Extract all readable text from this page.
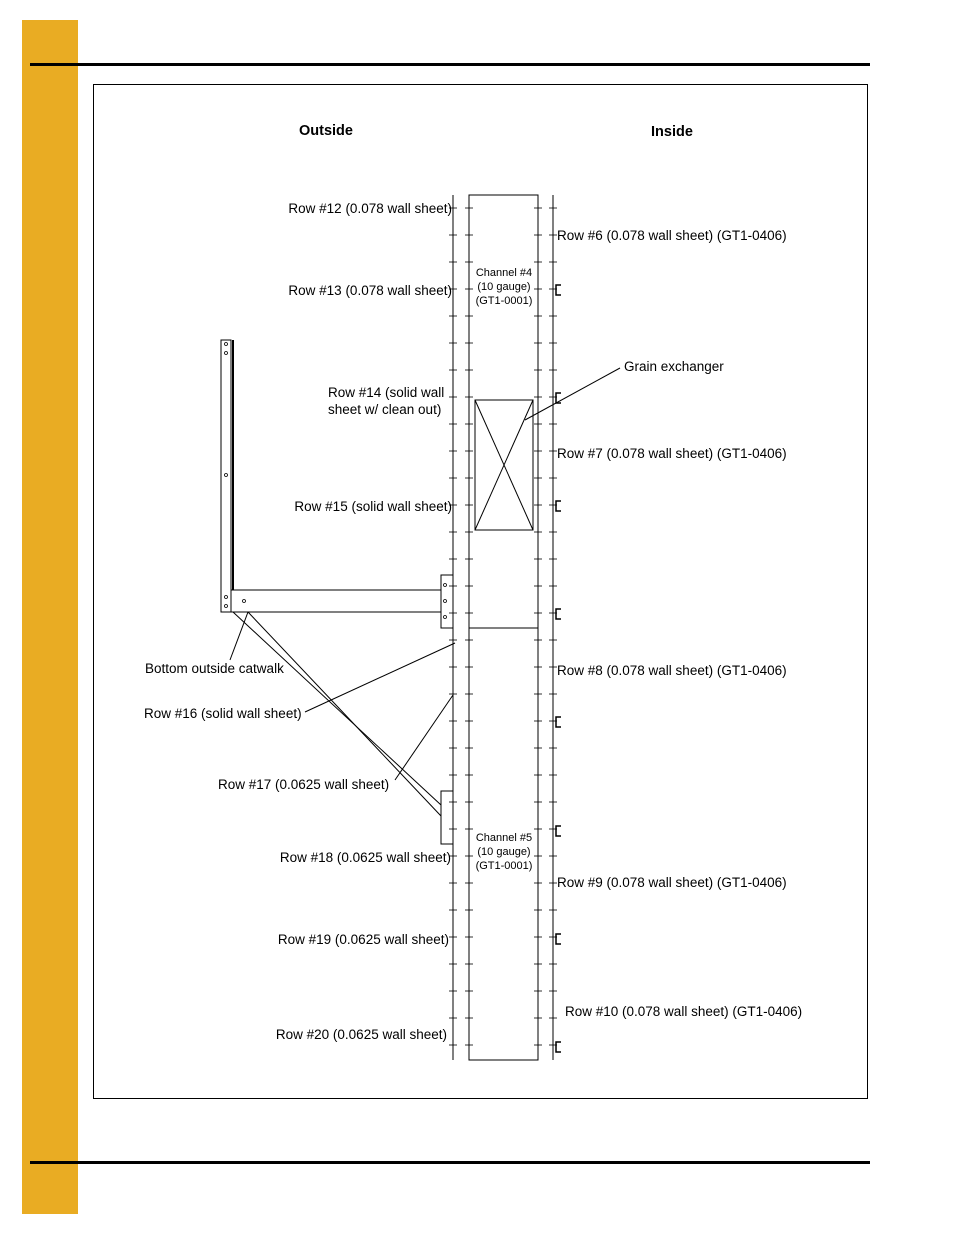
Outside	Inside
Row #12 (0.078 wall sheet)
Row #13 (0.078 wall sheet)
Row #14 (solid wall
sheet w/ clean out)
Row #15 (solid wall sheet)
Bottom outside catwalk
Row #16 (solid wall sheet)
Row #17 (0.0625 wall sheet)
Row #18 (0.0625 wall sheet)
Row #19 (0.0625 wall sheet)
Row #20 (0.0625 wall sheet)
Row #6 (0.078 wall sheet) (GT1-0406)
Grain exchanger
Row #7 (0.078 wall sheet) (GT1-0406)
Row #8 (0.078 wall sheet) (GT1-0406)
Row #9 (0.078 wall sheet) (GT1-0406)
Row #10 (0.078 wall sheet) (GT1-0406)
Channel #4
(10 gauge)
(GT1-0001)
Channel #5
(10 gauge)
(GT1-0001)
